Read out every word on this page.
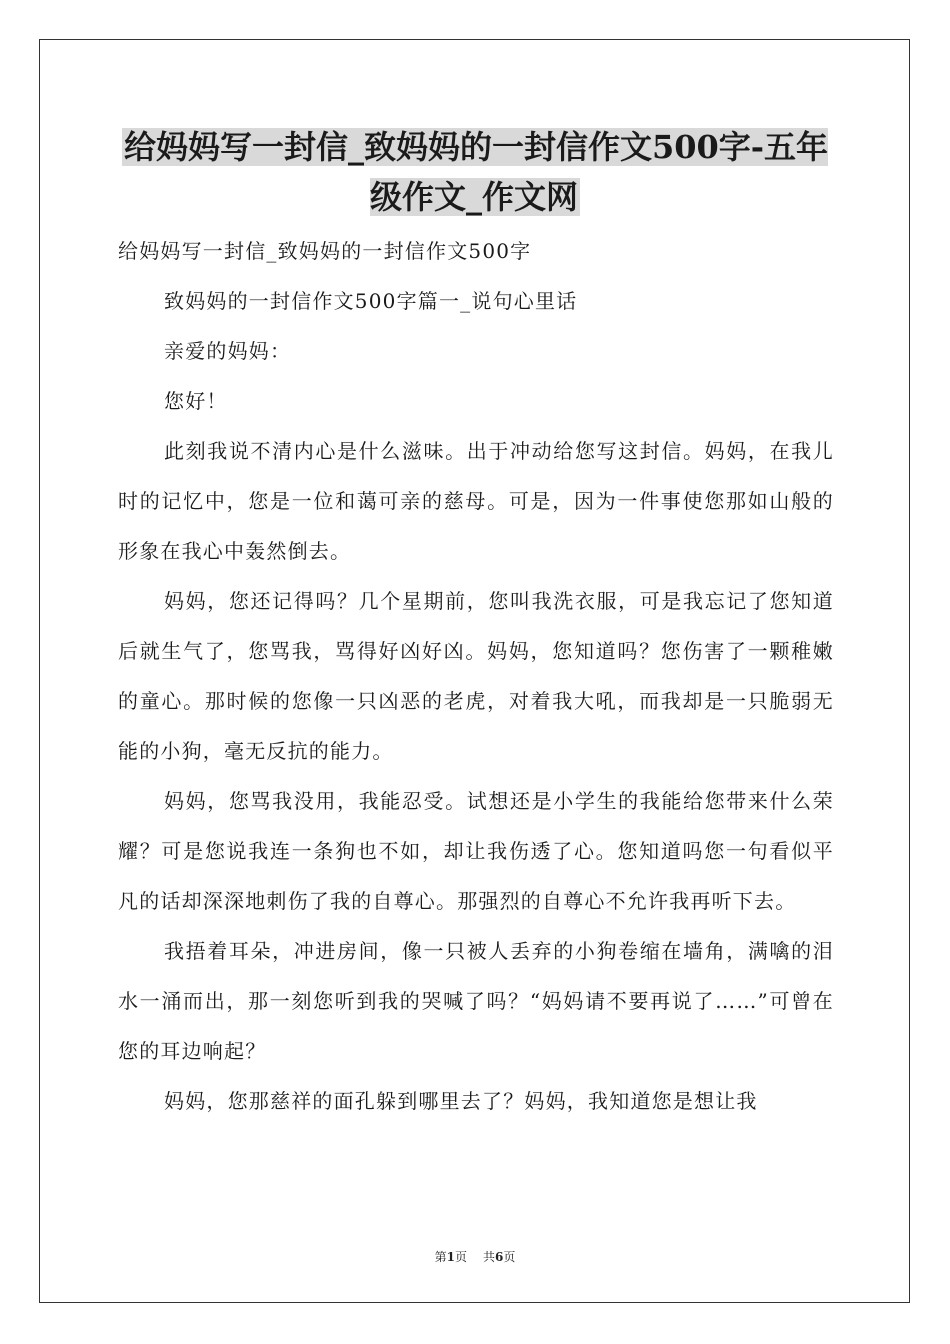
给妈妈写一封信_致妈妈的一封信作文500字-五年级作文_作文网

给妈妈写一封信_致妈妈的一封信作文500字

致妈妈的一封信作文500字篇一_说句心里话

亲爱的妈妈：

您好！

此刻我说不清内心是什么滋味。出于冲动给您写这封信。妈妈，在我儿时的记忆中，您是一位和蔼可亲的慈母。可是，因为一件事使您那如山般的形象在我心中轰然倒去。

妈妈，您还记得吗？几个星期前，您叫我洗衣服，可是我忘记了您知道后就生气了，您骂我，骂得好凶好凶。妈妈，您知道吗？您伤害了一颗稚嫩的童心。那时候的您像一只凶恶的老虎，对着我大吼，而我却是一只脆弱无能的小狗，毫无反抗的能力。

妈妈，您骂我没用，我能忍受。试想还是小学生的我能给您带来什么荣耀？可是您说我连一条狗也不如，却让我伤透了心。您知道吗您一句看似平凡的话却深深地刺伤了我的自尊心。那强烈的自尊心不允许我再听下去。

我捂着耳朵，冲进房间，像一只被人丢弃的小狗卷缩在墙角，满噙的泪水一涌而出，那一刻您听到我的哭喊了吗？“妈妈请不要再说了……”可曾在您的耳边响起？

妈妈，您那慈祥的面孔躲到哪里去了？妈妈，我知道您是想让我

第1页 共6页
